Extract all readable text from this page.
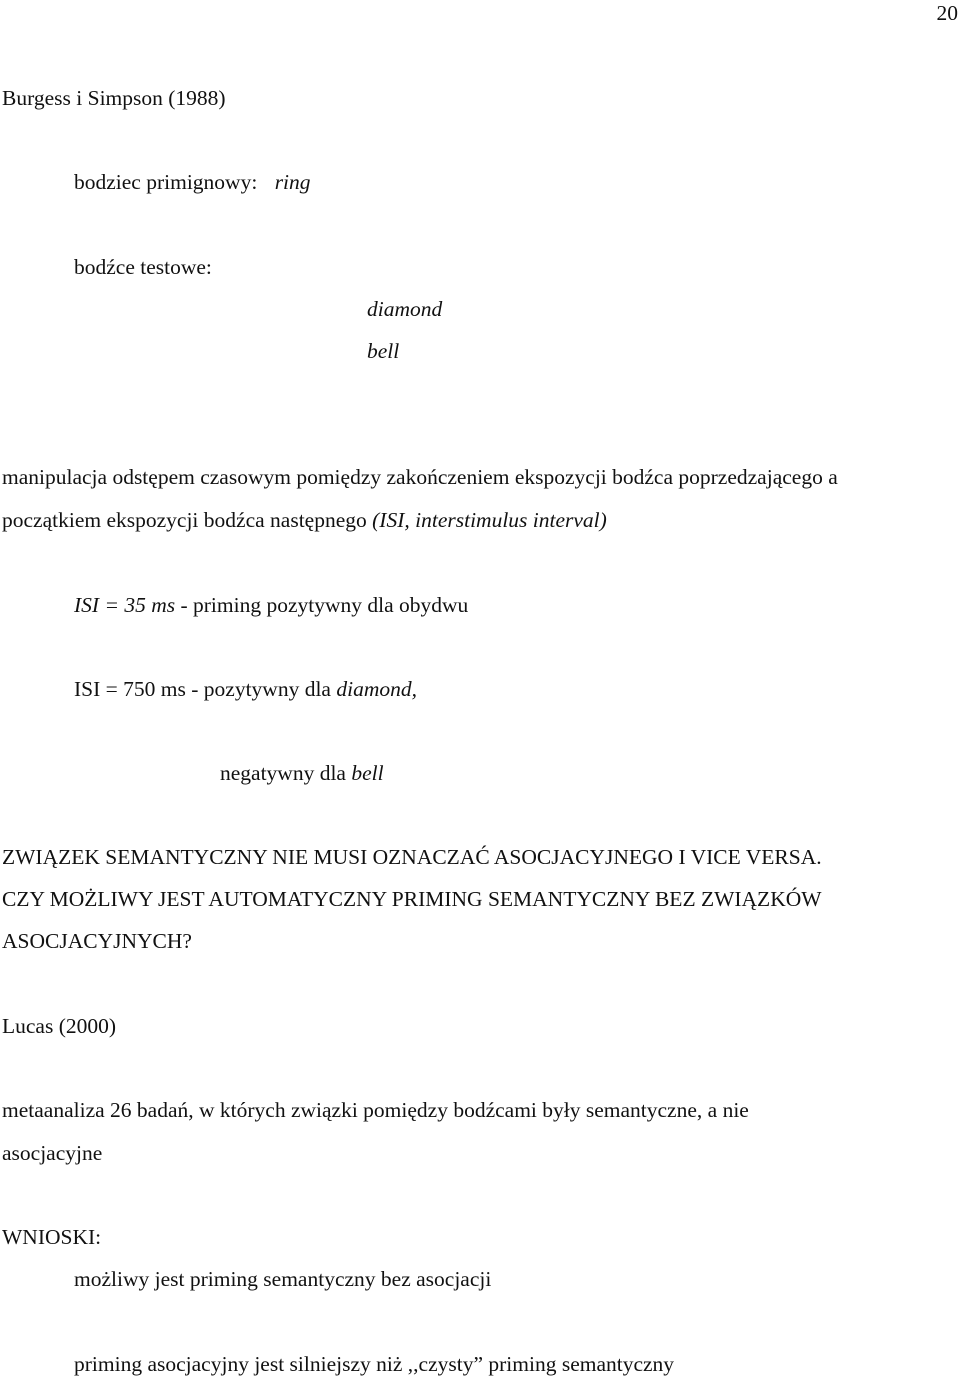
20
Burgess i Simpson (1988)
bodziec primignowy: ring
bodźce testowe:
diamond
bell
manipulacja odstępem czasowym pomiędzy zakończeniem ekspozycji bodźca poprzedzającego a
początkiem ekspozycji bodźca następnego (ISI, interstimulus interval)
ISI = 35 ms - priming pozytywny dla obydwu
ISI = 750 ms - pozytywny dla diamond,
negatywny dla bell
ZWIĄZEK SEMANTYCZNY NIE MUSI OZNACZAĆ ASOCJACYJNEGO I VICE VERSA.
CZY MOŻLIWY JEST AUTOMATYCZNY PRIMING SEMANTYCZNY BEZ ZWIĄZKÓW
ASOCJACYJNYCH?
Lucas (2000)
metaanaliza 26 badań, w których związki pomiędzy bodźcami były semantyczne, a nie
asocjacyjne
WNIOSKI:
możliwy jest priming semantyczny bez asocjacji
priming asocjacyjny jest silniejszy niż ,,czysty” priming semantyczny
